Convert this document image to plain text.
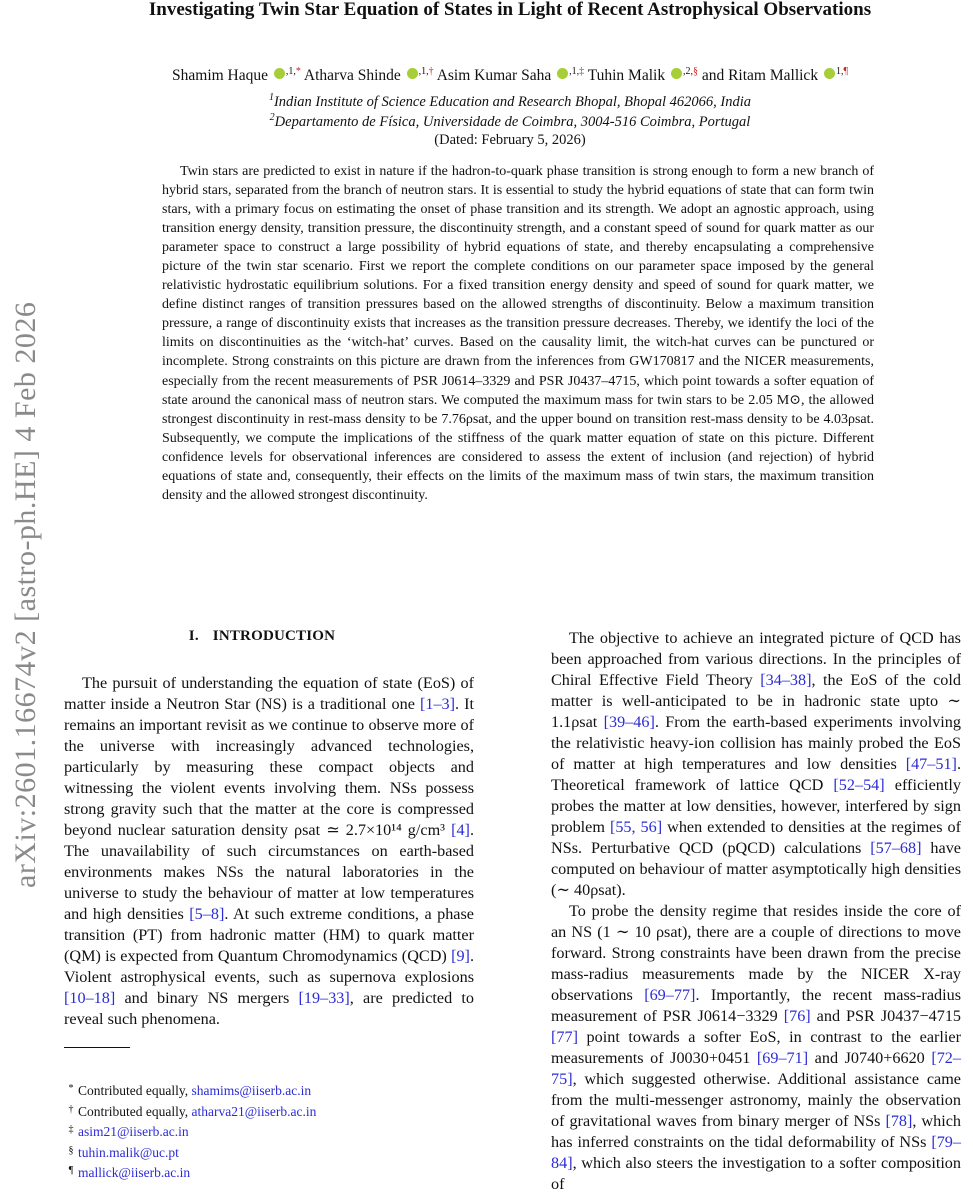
arXiv:2601.16674v2 [astro-ph.HE] 4 Feb 2026
Investigating Twin Star Equation of States in Light of Recent Astrophysical Observations
Shamim Haque $^{,1,*}$ Atharva Shinde $^{,1,\dagger}$ Asim Kumar Saha $^{,1,\ddagger}$ Tuhin Malik $^{,2,\S}$ and Ritam Mallick $^{1,\P}$
$^1$Indian Institute of Science Education and Research Bhopal, Bhopal 462066, India
$^2$Departamento de Física, Universidade de Coimbra, 3004-516 Coimbra, Portugal
(Dated: February 5, 2026)

Twin stars are predicted to exist in nature if the hadron-to-quark phase transition is strong enough to form a new branch of hybrid stars, separated from the branch of neutron stars. It is essential to study the hybrid equations of state that can form twin stars, with a primary focus on estimating the onset of phase transition and its strength. We adopt an agnostic approach, using transition energy density, transition pressure, the discontinuity strength, and a constant speed of sound for quark matter as our parameter space to construct a large possibility of hybrid equations of state, and thereby encapsulating a comprehensive picture of the twin star scenario. First we report the complete conditions on our parameter space imposed by the general relativistic hydrostatic equilibrium solutions. For a fixed transition energy density and speed of sound for quark matter, we define distinct ranges of transition pressures based on the allowed strengths of discontinuity. Below a maximum transition pressure, a range of discontinuity exists that increases as the transition pressure decreases. Thereby, we identify the loci of the limits on discontinuities as the ‘witch-hat’ curves. Based on the causality limit, the witch-hat curves can be punctured or incomplete. Strong constraints on this picture are drawn from the inferences from GW170817 and the NICER measurements, especially from the recent measurements of PSR J0614–3329 and PSR J0437–4715, which point towards a softer equation of state around the canonical mass of neutron stars. We computed the maximum mass for twin stars to be 2.05 M⊙, the allowed strongest discontinuity in rest-mass density to be 7.76ρsat, and the upper bound on transition rest-mass density to be 4.03ρsat. Subsequently, we compute the implications of the stiffness of the quark matter equation of state on this picture. Different confidence levels for observational inferences are considered to assess the extent of inclusion (and rejection) of hybrid equations of state and, consequently, their effects on the limits of the maximum mass of twin stars, the maximum transition density and the allowed strongest discontinuity.

I. INTRODUCTION

The pursuit of understanding the equation of state (EoS) of matter inside a Neutron Star (NS) is a traditional one [1–3]. It remains an important revisit as we continue to observe more of the universe with increasingly advanced technologies, particularly by measuring these compact objects and witnessing the violent events involving them. NSs possess strong gravity such that the matter at the core is compressed beyond nuclear saturation density ρsat ≃ 2.7×10¹⁴ g/cm³ [4]. The unavailability of such circumstances on earth-based environments makes NSs the natural laboratories in the universe to study the behaviour of matter at low temperatures and high densities [5–8]. At such extreme conditions, a phase transition (PT) from hadronic matter (HM) to quark matter (QM) is expected from Quantum Chromodynamics (QCD) [9]. Violent astrophysical events, such as supernova explosions [10–18] and binary NS mergers [19–33], are predicted to reveal such phenomena.

The objective to achieve an integrated picture of QCD has been approached from various directions. In the principles of Chiral Effective Field Theory [34–38], the EoS of the cold matter is well-anticipated to be in hadronic state upto ∼ 1.1ρsat [39–46]. From the earth-based experiments involving the relativistic heavy-ion collision has mainly probed the EoS of matter at high temperatures and low densities [47–51]. Theoretical framework of lattice QCD [52–54] efficiently probes the matter at low densities, however, interfered by sign problem [55, 56] when extended to densities at the regimes of NSs. Perturbative QCD (pQCD) calculations [57–68] have computed on behaviour of matter asymptotically high densities (∼ 40ρsat).

To probe the density regime that resides inside the core of an NS (1 ∼ 10 ρsat), there are a couple of directions to move forward. Strong constraints have been drawn from the precise mass-radius measurements made by the NICER X-ray observations [69–77]. Importantly, the recent mass-radius measurement of PSR J0614−3329 [76] and PSR J0437−4715 [77] point towards a softer EoS, in contrast to the earlier measurements of J0030+0451 [69–71] and J0740+6620 [72–75], which suggested otherwise. Additional assistance came from the multi-messenger astronomy, mainly the observation of gravitational waves from binary merger of NSs [78], which has inferred constraints on the tidal deformability of NSs [79–84], which also steers the investigation to a softer composition of

* Contributed equally, shamims@iiserb.ac.in
† Contributed equally, atharva21@iiserb.ac.in
‡ asim21@iiserb.ac.in
§ tuhin.malik@uc.pt
¶ mallick@iiserb.ac.in
